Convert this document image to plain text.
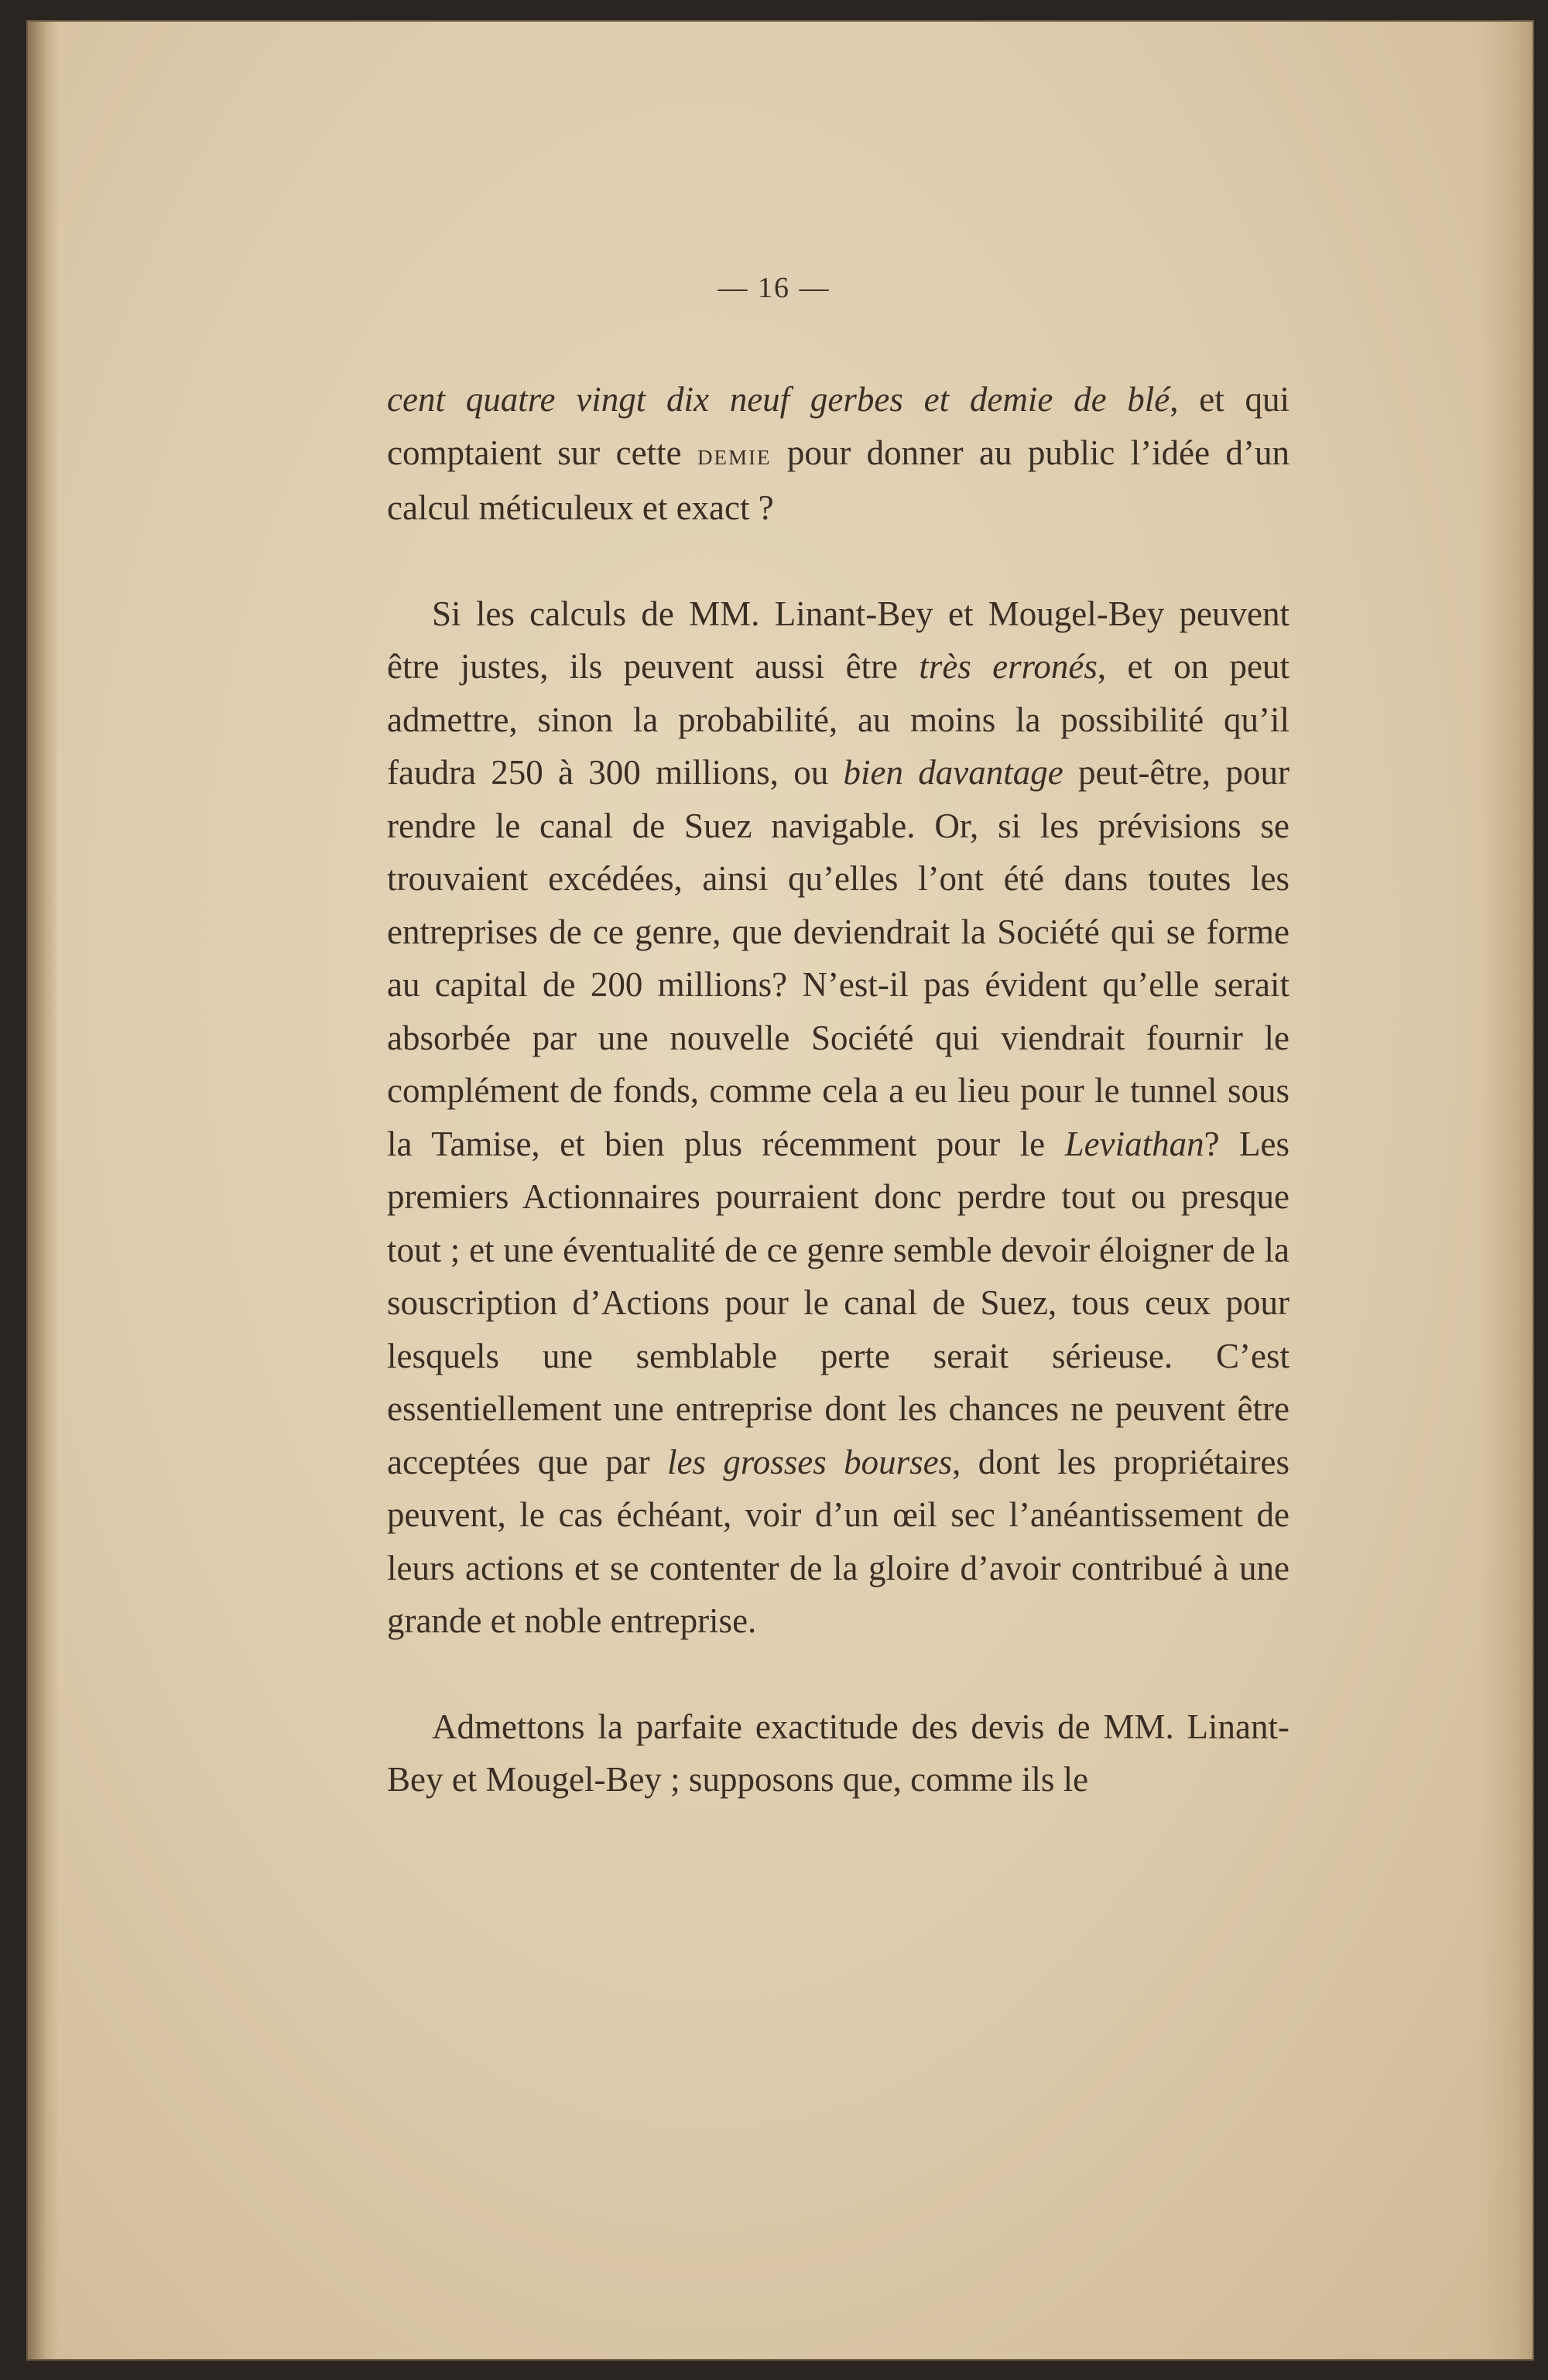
— 16 —

cent quatre vingt dix neuf gerbes et demie de blé, et qui comptaient sur cette demie pour donner au public l’idée d’un calcul méticuleux et exact ?

Si les calculs de MM. Linant-Bey et Mougel-Bey peuvent être justes, ils peuvent aussi être très erronés, et on peut admettre, sinon la probabilité, au moins la possibilité qu’il faudra 250 à 300 millions, ou bien davantage peut-être, pour rendre le canal de Suez navigable. Or, si les prévisions se trouvaient excédées, ainsi qu’elles l’ont été dans toutes les entreprises de ce genre, que deviendrait la Société qui se forme au capital de 200 millions? N’est-il pas évident qu’elle serait absorbée par une nouvelle Société qui viendrait fournir le complément de fonds, comme cela a eu lieu pour le tunnel sous la Tamise, et bien plus récemment pour le Leviathan? Les premiers Actionnaires pourraient donc perdre tout ou presque tout ; et une éventualité de ce genre semble devoir éloigner de la souscription d’Actions pour le canal de Suez, tous ceux pour lesquels une semblable perte serait sérieuse. C’est essentiellement une entreprise dont les chances ne peuvent être acceptées que par les grosses bourses, dont les propriétaires peuvent, le cas échéant, voir d’un œil sec l’anéantissement de leurs actions et se contenter de la gloire d’avoir contribué à une grande et noble entreprise.

Admettons la parfaite exactitude des devis de MM. Linant-Bey et Mougel-Bey ; supposons que, comme ils le
